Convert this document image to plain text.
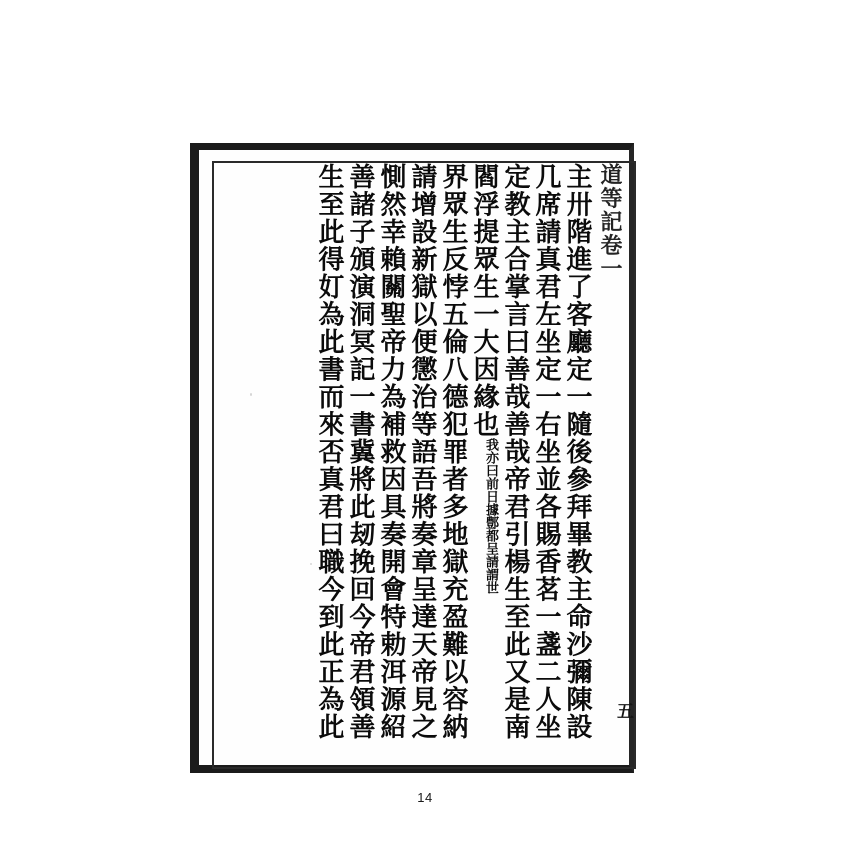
道等記卷一
主卅階進了客廳定一隨後參拜畢教主命沙彌陳設
几席請真君左坐定一右坐並各賜香茗一盞二人坐
定教主合掌言曰善哉善哉帝君引楊生至此又是南
閻浮提眾生一大因緣也我亦曰前日據鄷都呈請謂世
界眾生反悖五倫八德犯罪者多地獄充盈難以容納
請增設新獄以便懲治等語吾將奏章呈達天帝見之
惻然幸賴關聖帝力為補救因具奏開會特勅洱源紹
善諸子頒演洞冥記一書冀將此刼挽回今帝君領善
生至此得奵為此書而來否真君曰職今到此正為此	五
14
